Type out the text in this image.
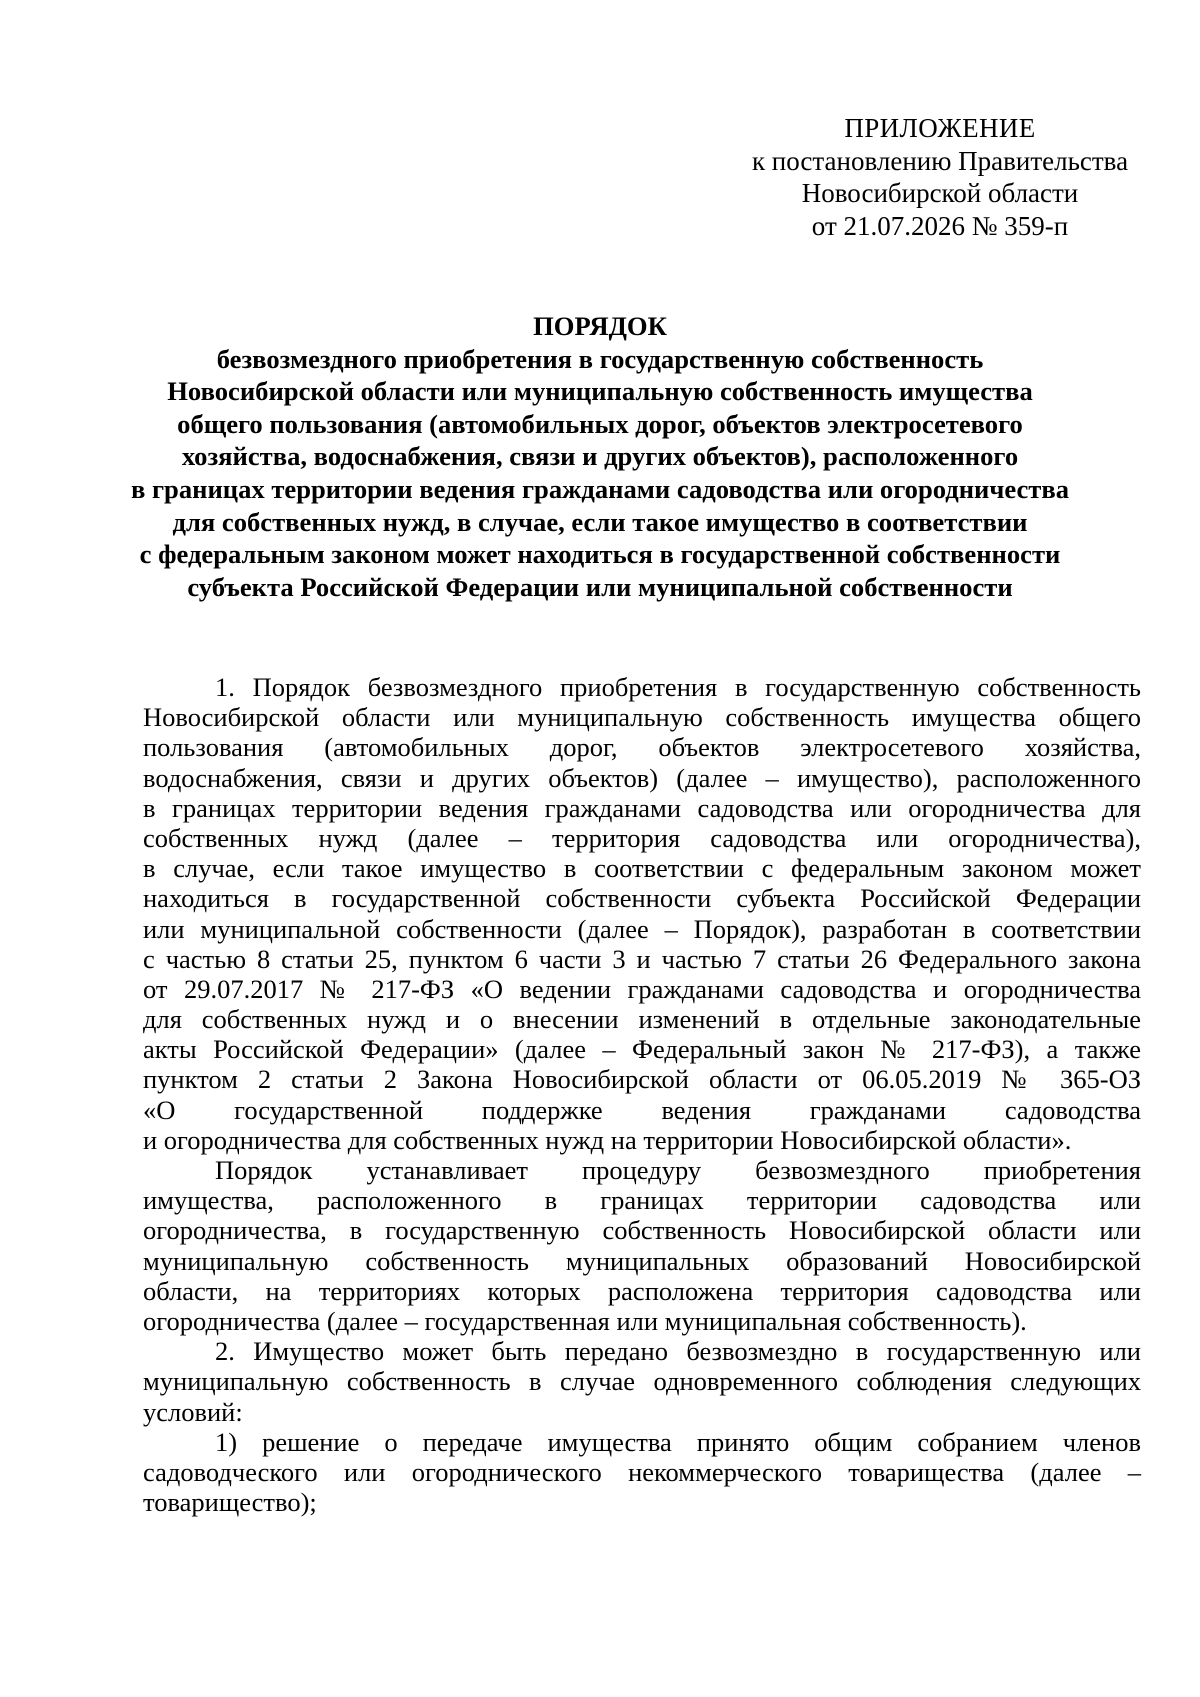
ПРИЛОЖЕНИЕ
к постановлению Правительства
Новосибирской области
от 21.07.2026 № 359-п
ПОРЯДОК
безвозмездного приобретения в государственную собственность
Новосибирской области или муниципальную собственность имущества
общего пользования (автомобильных дорог, объектов электросетевого
хозяйства, водоснабжения, связи и других объектов), расположенного
в границах территории ведения гражданами садоводства или огородничества
для собственных нужд, в случае, если такое имущество в соответствии
с федеральным законом может находиться в государственной собственности
субъекта Российской Федерации или муниципальной собственности
1. Порядок безвозмездного приобретения в государственную собственность
Новосибирской области или муниципальную собственность имущества общего
пользования (автомобильных дорог, объектов электросетевого хозяйства,
водоснабжения, связи и других объектов) (далее – имущество), расположенного
в границах территории ведения гражданами садоводства или огородничества для
собственных нужд (далее – территория садоводства или огородничества),
в случае, если такое имущество в соответствии с федеральным законом может
находиться в государственной собственности субъекта Российской Федерации
или муниципальной собственности (далее – Порядок), разработан в соответствии
с частью 8 статьи 25, пунктом 6 части 3 и частью 7 статьи 26 Федерального закона
от 29.07.2017 № 217-ФЗ «О ведении гражданами садоводства и огородничества
для собственных нужд и о внесении изменений в отдельные законодательные
акты Российской Федерации» (далее – Федеральный закон № 217-ФЗ), а также
пунктом 2 статьи 2 Закона Новосибирской области от 06.05.2019 № 365-ОЗ
«О государственной поддержке ведения гражданами садоводства
и огородничества для собственных нужд на территории Новосибирской области».
Порядок устанавливает процедуру безвозмездного приобретения
имущества, расположенного в границах территории садоводства или
огородничества, в государственную собственность Новосибирской области или
муниципальную собственность муниципальных образований Новосибирской
области, на территориях которых расположена территория садоводства или
огородничества (далее – государственная или муниципальная собственность).
2. Имущество может быть передано безвозмездно в государственную или
муниципальную собственность в случае одновременного соблюдения следующих
условий:
1) решение о передаче имущества принято общим собранием членов
садоводческого или огороднического некоммерческого товарищества (далее –
товарищество);
